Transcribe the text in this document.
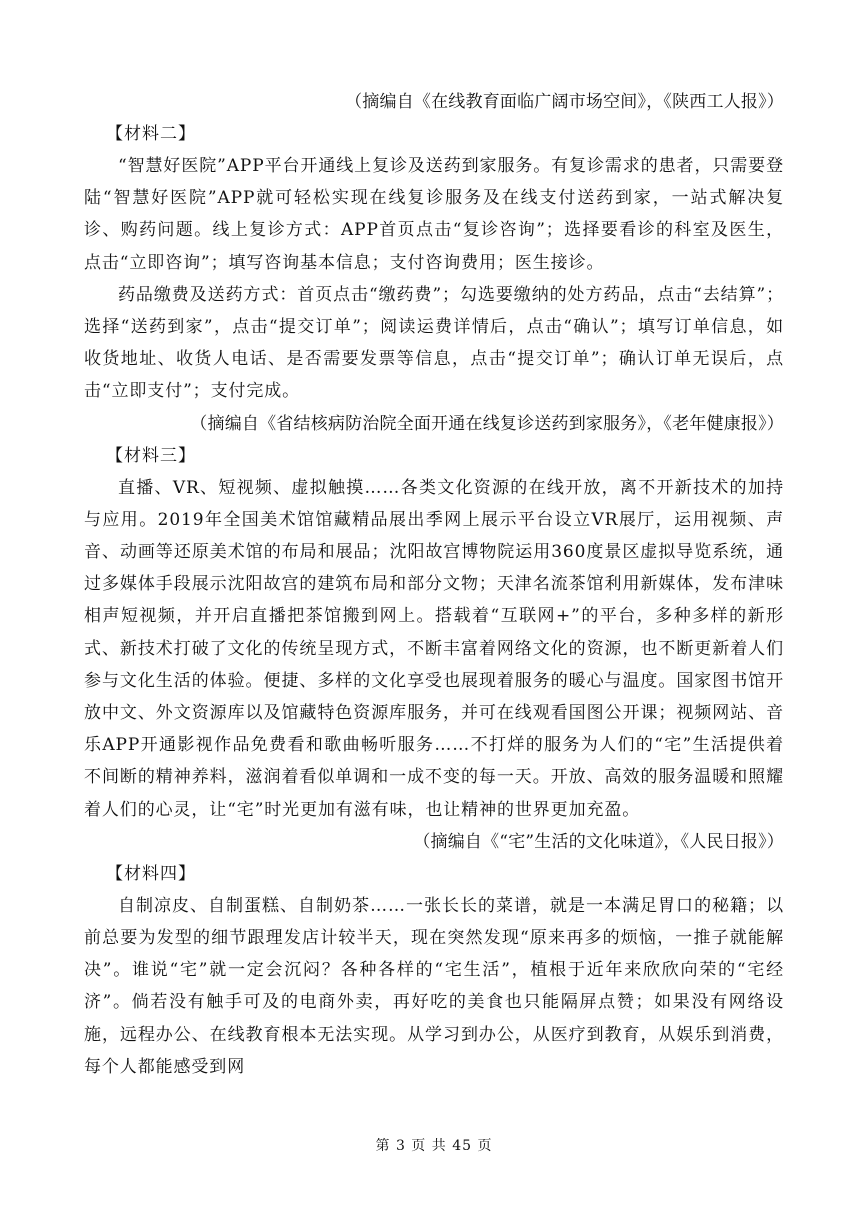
（摘编自《在线教育面临广阔市场空间》，《陕西工人报》）

【材料二】

“智慧好医院”APP平台开通线上复诊及送药到家服务。有复诊需求的患者，只需要登陆“智慧好医院”APP就可轻松实现在线复诊服务及在线支付送药到家，一站式解决复诊、购药问题。线上复诊方式：APP首页点击“复诊咨询”；选择要看诊的科室及医生，点击“立即咨询”；填写咨询基本信息；支付咨询费用；医生接诊。

药品缴费及送药方式：首页点击“缴药费”；勾选要缴纳的处方药品，点击“去结算”；选择“送药到家”，点击“提交订单”；阅读运费详情后，点击“确认”；填写订单信息，如收货地址、收货人电话、是否需要发票等信息，点击“提交订单”；确认订单无误后，点击“立即支付”；支付完成。

（摘编自《省结核病防治院全面开通在线复诊送药到家服务》，《老年健康报》）

【材料三】

直播、VR、短视频、虚拟触摸……各类文化资源的在线开放，离不开新技术的加持与应用。2019年全国美术馆馆藏精品展出季网上展示平台设立VR展厅，运用视频、声音、动画等还原美术馆的布局和展品；沈阳故宫博物院运用360度景区虚拟导览系统，通过多媒体手段展示沈阳故宫的建筑布局和部分文物；天津名流茶馆利用新媒体，发布津味相声短视频，并开启直播把茶馆搬到网上。搭载着“互联网+”的平台，多种多样的新形式、新技术打破了文化的传统呈现方式，不断丰富着网络文化的资源，也不断更新着人们参与文化生活的体验。便捷、多样的文化享受也展现着服务的暖心与温度。国家图书馆开放中文、外文资源库以及馆藏特色资源库服务，并可在线观看国图公开课；视频网站、音乐APP开通影视作品免费看和歌曲畅听服务……不打烊的服务为人们的“宅”生活提供着不间断的精神养料，滋润着看似单调和一成不变的每一天。开放、高效的服务温暖和照耀着人们的心灵，让“宅”时光更加有滋有味，也让精神的世界更加充盈。

（摘编自《“宅”生活的文化味道》，《人民日报》）

【材料四】

自制凉皮、自制蛋糕、自制奶茶……一张长长的菜谱，就是一本满足胃口的秘籍；以前总要为发型的细节跟理发店计较半天，现在突然发现“原来再多的烦恼，一推子就能解决”。谁说“宅”就一定会沉闷？各种各样的“宅生活”，植根于近年来欣欣向荣的“宅经济”。倘若没有触手可及的电商外卖，再好吃的美食也只能隔屏点赞；如果没有网络设施，远程办公、在线教育根本无法实现。从学习到办公，从医疗到教育，从娱乐到消费，每个人都能感受到网

第 3 页 共 45 页
